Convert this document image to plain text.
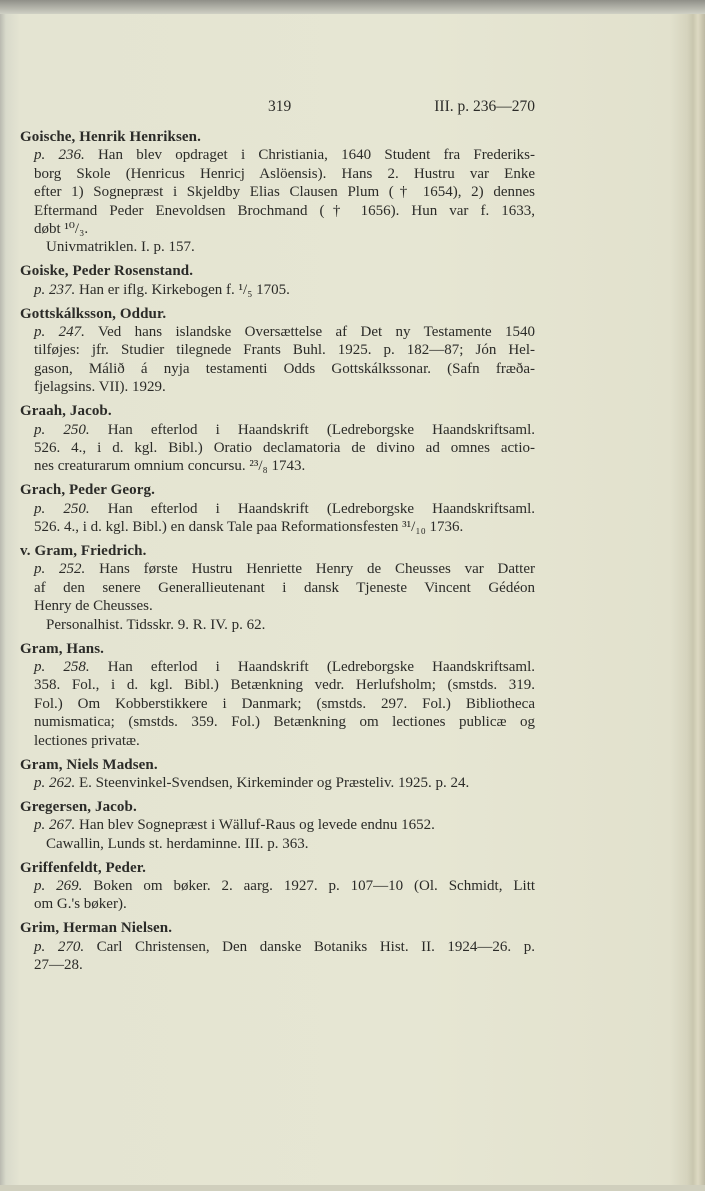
319	III. p. 236—270
Goische, Henrik Henriksen.
p. 236. Han blev opdraget i Christiania, 1640 Student fra Frederiks-
borg Skole (Henricus Henricj Aslöensis). Hans 2. Hustru var Enke
efter 1) Sognepræst i Skjeldby Elias Clausen Plum († 1654), 2) dennes
Eftermand Peder Enevoldsen Brochmand († 1656). Hun var f. 1633,
døbt ¹⁰/₃.
Univmatriklen. I. p. 157.
Goiske, Peder Rosenstand.
p. 237. Han er iflg. Kirkebogen f. ¹/₅ 1705.
Gottskálksson, Oddur.
p. 247. Ved hans islandske Oversættelse af Det ny Testamente 1540
tilføjes: jfr. Studier tilegnede Frants Buhl. 1925. p. 182—87; Jón Hel-
gason, Málið á nyja testamenti Odds Gottskálkssonar. (Safn fræða-
fjelagsins. VII). 1929.
Graah, Jacob.
p. 250. Han efterlod i Haandskrift (Ledreborgske Haandskriftsaml.
526. 4., i d. kgl. Bibl.) Oratio declamatoria de divino ad omnes actio-
nes creaturarum omnium concursu. ²³/₈ 1743.
Grach, Peder Georg.
p. 250. Han efterlod i Haandskrift (Ledreborgske Haandskriftsaml.
526. 4., i d. kgl. Bibl.) en dansk Tale paa Reformationsfesten ³¹/₁₀ 1736.
v. Gram, Friedrich.
p. 252. Hans første Hustru Henriette Henry de Cheusses var Datter
af den senere Generallieutenant i dansk Tjeneste Vincent Gédéon
Henry de Cheusses.
Personalhist. Tidsskr. 9. R. IV. p. 62.
Gram, Hans.
p. 258. Han efterlod i Haandskrift (Ledreborgske Haandskriftsaml.
358. Fol., i d. kgl. Bibl.) Betænkning vedr. Herlufsholm; (smstds. 319.
Fol.) Om Kobberstikkere i Danmark; (smstds. 297. Fol.) Bibliotheca
numismatica; (smstds. 359. Fol.) Betænkning om lectiones publicæ og
lectiones privatæ.
Gram, Niels Madsen.
p. 262. E. Steenvinkel-Svendsen, Kirkeminder og Præsteliv. 1925. p. 24.
Gregersen, Jacob.
p. 267. Han blev Sognepræst i Wälluf-Raus og levede endnu 1652.
Cawallin, Lunds st. herdaminne. III. p. 363.
Griffenfeldt, Peder.
p. 269. Boken om bøker. 2. aarg. 1927. p. 107—10 (Ol. Schmidt, Litt
om G.'s bøker).
Grim, Herman Nielsen.
p. 270. Carl Christensen, Den danske Botaniks Hist. II. 1924—26. p.
27—28.
